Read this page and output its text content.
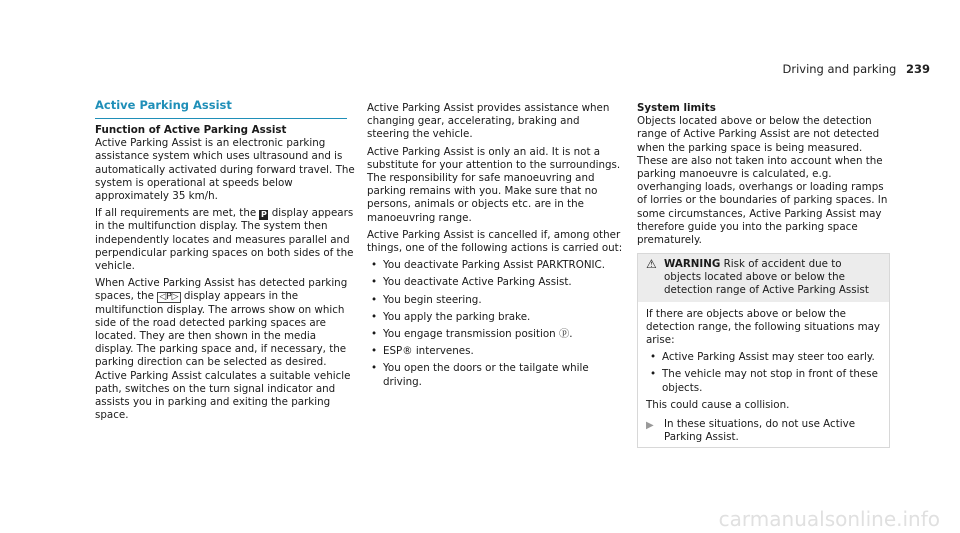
Driving and parking 239
Active Parking Assist

Function of Active Parking Assist

Active Parking Assist is an electronic parking assistance system which uses ultrasound and is automatically activated during forward travel. The system is operational at speeds below approximately 35 km/h.

If all requirements are met, the P display appears in the multifunction display. The system then independently locates and measures parallel and perpendicular parking spaces on both sides of the vehicle.

When Active Parking Assist has detected parking spaces, the ◁P▷ display appears in the multifunction display. The arrows show on which side of the road detected parking spaces are located. They are then shown in the media display. The parking space and, if necessary, the parking direction can be selected as desired. Active Parking Assist calculates a suitable vehicle path, switches on the turn signal indicator and assists you in parking and exiting the parking space.

Active Parking Assist provides assistance when changing gear, accelerating, braking and steering the vehicle.

Active Parking Assist is only an aid. It is not a substitute for your attention to the surroundings. The responsibility for safe manoeuvring and parking remains with you. Make sure that no persons, animals or objects etc. are in the manoeuvring range.

Active Parking Assist is cancelled if, among other things, one of the following actions is carried out:

• You deactivate Parking Assist PARKTRONIC.
• You deactivate Active Parking Assist.
• You begin steering.
• You apply the parking brake.
• You engage transmission position ⓟ.
• ESP® intervenes.
• You open the doors or the tailgate while driving.

System limits

Objects located above or below the detection range of Active Parking Assist are not detected when the parking space is being measured. These are also not taken into account when the parking manoeuvre is calculated, e.g. overhanging loads, overhangs or loading ramps of lorries or the boundaries of parking spaces. In some circumstances, Active Parking Assist may therefore guide you into the parking space prematurely.

⚠ WARNING Risk of accident due to objects located above or below the detection range of Active Parking Assist

If there are objects above or below the detection range, the following situations may arise:

• Active Parking Assist may steer too early.
• The vehicle may not stop in front of these objects.

This could cause a collision.

▶ In these situations, do not use Active Parking Assist.
carmanualsonline.info
